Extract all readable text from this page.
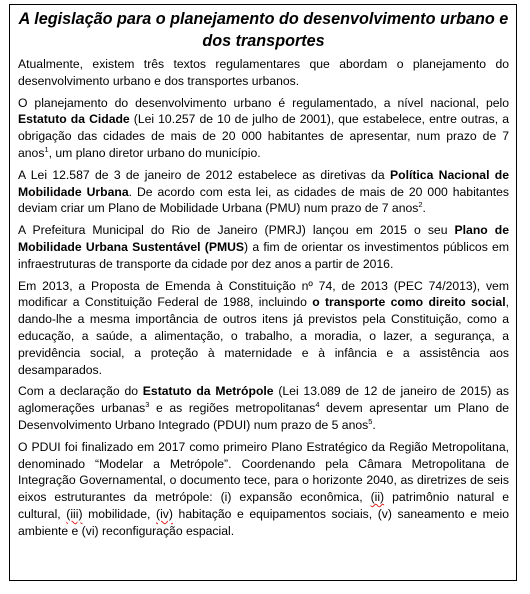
A legislação para o planejamento do desenvolvimento urbano e dos transportes

Atualmente, existem três textos regulamentares que abordam o planejamento do desenvolvimento urbano e dos transportes urbanos.

O planejamento do desenvolvimento urbano é regulamentado, a nível nacional, pelo Estatuto da Cidade (Lei 10.257 de 10 de julho de 2001), que estabelece, entre outras, a obrigação das cidades de mais de 20 000 habitantes de apresentar, num prazo de 7 anos$^1$, um plano diretor urbano do município.

A Lei 12.587 de 3 de janeiro de 2012 estabelece as diretivas da Política Nacional de Mobilidade Urbana. De acordo com esta lei, as cidades de mais de 20 000 habitantes deviam criar um Plano de Mobilidade Urbana (PMU) num prazo de 7 anos$^2$.

A Prefeitura Municipal do Rio de Janeiro (PMRJ) lançou em 2015 o seu Plano de Mobilidade Urbana Sustentável (PMUS) a fim de orientar os investimentos públicos em infraestruturas de transporte da cidade por dez anos a partir de 2016.

Em 2013, a Proposta de Emenda à Constituição nº 74, de 2013 (PEC 74/2013), vem modificar a Constituição Federal de 1988, incluindo o transporte como direito social, dando-lhe a mesma importância de outros itens já previstos pela Constituição, como a educação, a saúde, a alimentação, o trabalho, a moradia, o lazer, a segurança, a previdência social, a proteção à maternidade e à infância e a assistência aos desamparados.

Com a declaração do Estatuto da Metrópole (Lei 13.089 de 12 de janeiro de 2015) as aglomerações urbanas$^3$ e as regiões metropolitanas$^4$ devem apresentar um Plano de Desenvolvimento Urbano Integrado (PDUI) num prazo de 5 anos$^5$.

O PDUI foi finalizado em 2017 como primeiro Plano Estratégico da Região Metropolitana, denominado “Modelar a Metrópole”. Coordenando pela Câmara Metropolitana de Integração Governamental, o documento tece, para o horizonte 2040, as diretrizes de seis eixos estruturantes da metrópole: (i) expansão econômica, (ii) patrimônio natural e cultural, (iii) mobilidade, (iv) habitação e equipamentos sociais, (v) saneamento e meio ambiente e (vi) reconfiguração espacial.
